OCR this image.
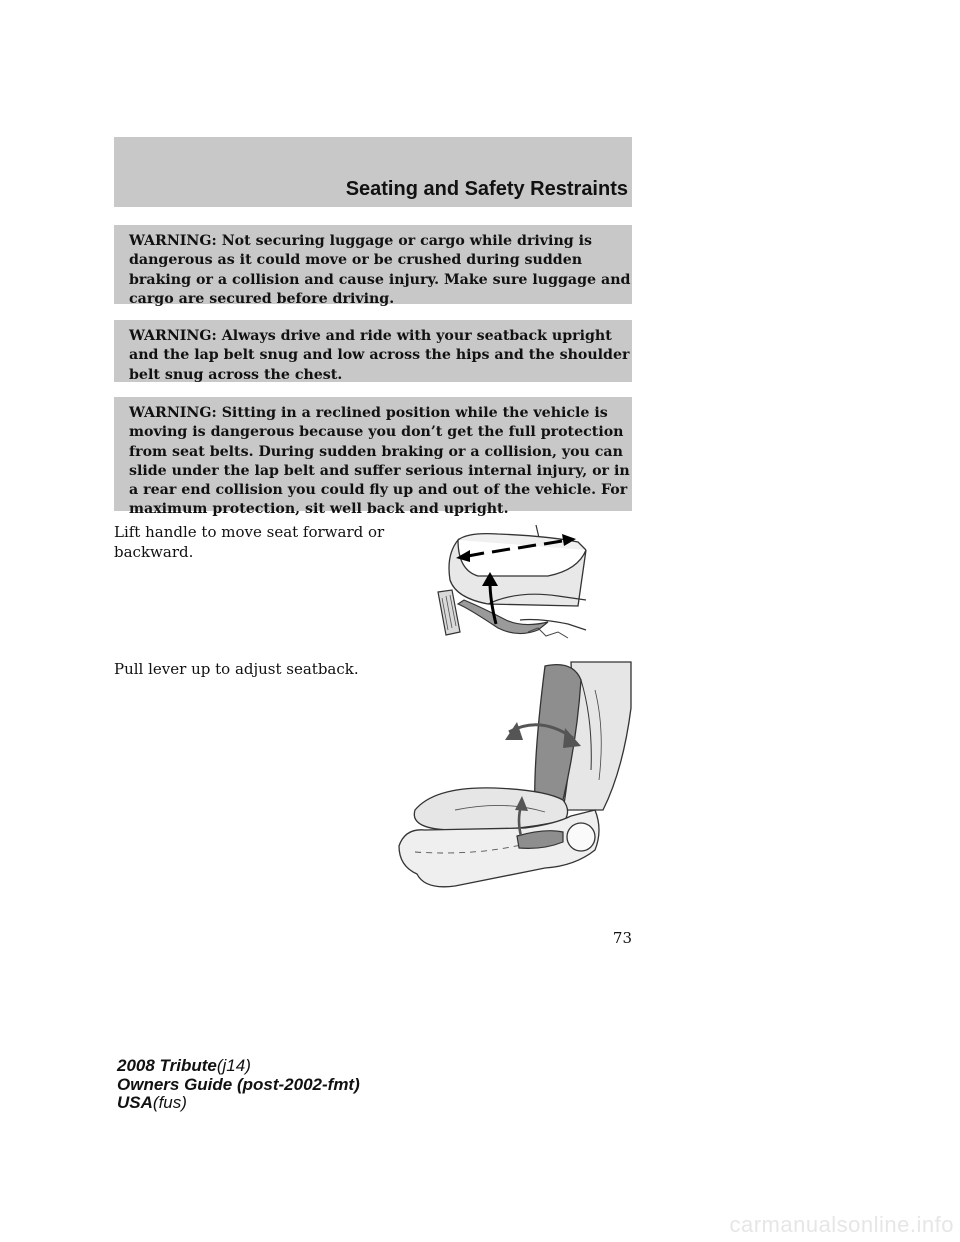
Seating and Safety Restraints
WARNING: Not securing luggage or cargo while driving is
dangerous as it could move or be crushed during sudden
braking or a collision and cause injury. Make sure luggage and
cargo are secured before driving.
WARNING: Always drive and ride with your seatback upright
and the lap belt snug and low across the hips and the shoulder
belt snug across the chest.
WARNING: Sitting in a reclined position while the vehicle is
moving is dangerous because you don’t get the full protection
from seat belts. During sudden braking or a collision, you can
slide under the lap belt and suffer serious internal injury, or in
a rear end collision you could fly up and out of the vehicle. For
maximum protection, sit well back and upright.
Lift handle to move seat forward or
backward.
Pull lever up to adjust seatback.
73
2008 Tribute(j14)
Owners Guide (post-2002-fmt)
USA(fus)
carmanualsonline.info
